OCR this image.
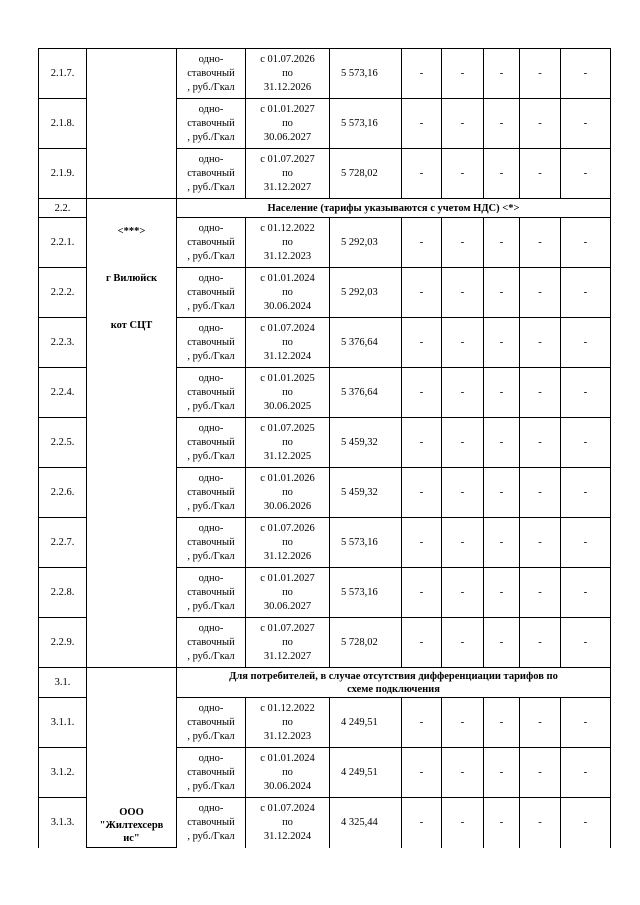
2.1.7.		одно-
ставочный
, руб./Гкал	с 01.07.2026
по
31.12.2026	5 573,16	-	-	-	-	-
2.1.8.		одно-
ставочный
, руб./Гкал	с 01.01.2027
по
30.06.2027	5 573,16	-	-	-	-	-
2.1.9.		одно-
ставочный
, руб./Гкал	с 01.07.2027
по
31.12.2027	5 728,02	-	-	-	-	-
2.2.	<***>
г Вилюйск
кот СЦТ	Население (тарифы указываются с учетом НДС) <*>							
2.2.1.		одно-
ставочный
, руб./Гкал	с 01.12.2022
по
31.12.2023	5 292,03	-	-	-	-	-
2.2.2.		одно-
ставочный
, руб./Гкал	с 01.01.2024
по
30.06.2024	5 292,03	-	-	-	-	-
2.2.3.		одно-
ставочный
, руб./Гкал	с 01.07.2024
по
31.12.2024	5 376,64	-	-	-	-	-
2.2.4.		одно-
ставочный
, руб./Гкал	с 01.01.2025
по
30.06.2025	5 376,64	-	-	-	-	-
2.2.5.		одно-
ставочный
, руб./Гкал	с 01.07.2025
по
31.12.2025	5 459,32	-	-	-	-	-
2.2.6.		одно-
ставочный
, руб./Гкал	с 01.01.2026
по
30.06.2026	5 459,32	-	-	-	-	-
2.2.7.		одно-
ставочный
, руб./Гкал	с 01.07.2026
по
31.12.2026	5 573,16	-	-	-	-	-
2.2.8.		одно-
ставочный
, руб./Гкал	с 01.01.2027
по
30.06.2027	5 573,16	-	-	-	-	-
2.2.9.		одно-
ставочный
, руб./Гкал	с 01.07.2027
по
31.12.2027	5 728,02	-	-	-	-	-
3.1.	ООО
"Жилтехсерв
ис"	Для потребителей, в случае отсутствия дифференциации тарифов по
схеме подключения							

3.1.1.		одно-
ставочный
, руб./Гкал	с 01.12.2022
по
31.12.2023	4 249,51	-	-	-	-	-
3.1.2.		одно-
ставочный
, руб./Гкал	с 01.01.2024
по
30.06.2024	4 249,51	-	-	-	-	-
3.1.3.		одно-
ставочный
, руб./Гкал	с 01.07.2024
по
31.12.2024	4 325,44	-	-	-	-	-
